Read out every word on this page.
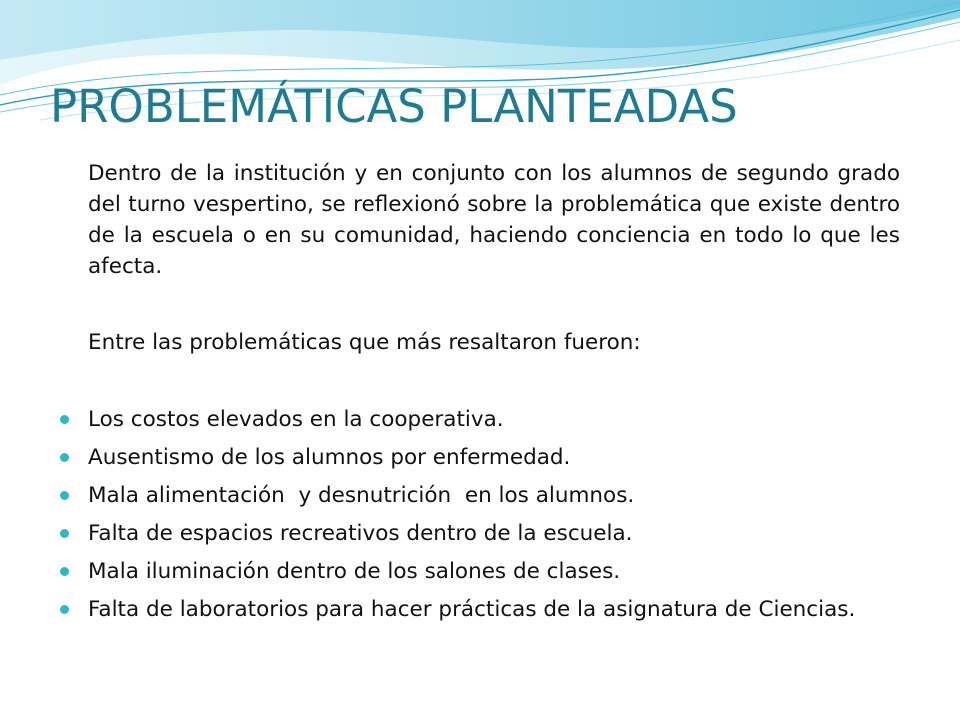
PROBLEMÁTICAS PLANTEADAS

Dentro de la institución y en conjunto con los alumnos de segundo grado del turno vespertino, se reflexionó sobre la problemática que existe dentro de la escuela o en su comunidad, haciendo conciencia en todo lo que les afecta.

Entre las problemáticas que más resaltaron fueron:

Los costos elevados en la cooperativa.
Ausentismo de los alumnos por enfermedad.
Mala alimentación  y desnutrición  en los alumnos.
Falta de espacios recreativos dentro de la escuela.
Mala iluminación dentro de los salones de clases.
Falta de laboratorios para hacer prácticas de la asignatura de Ciencias.
